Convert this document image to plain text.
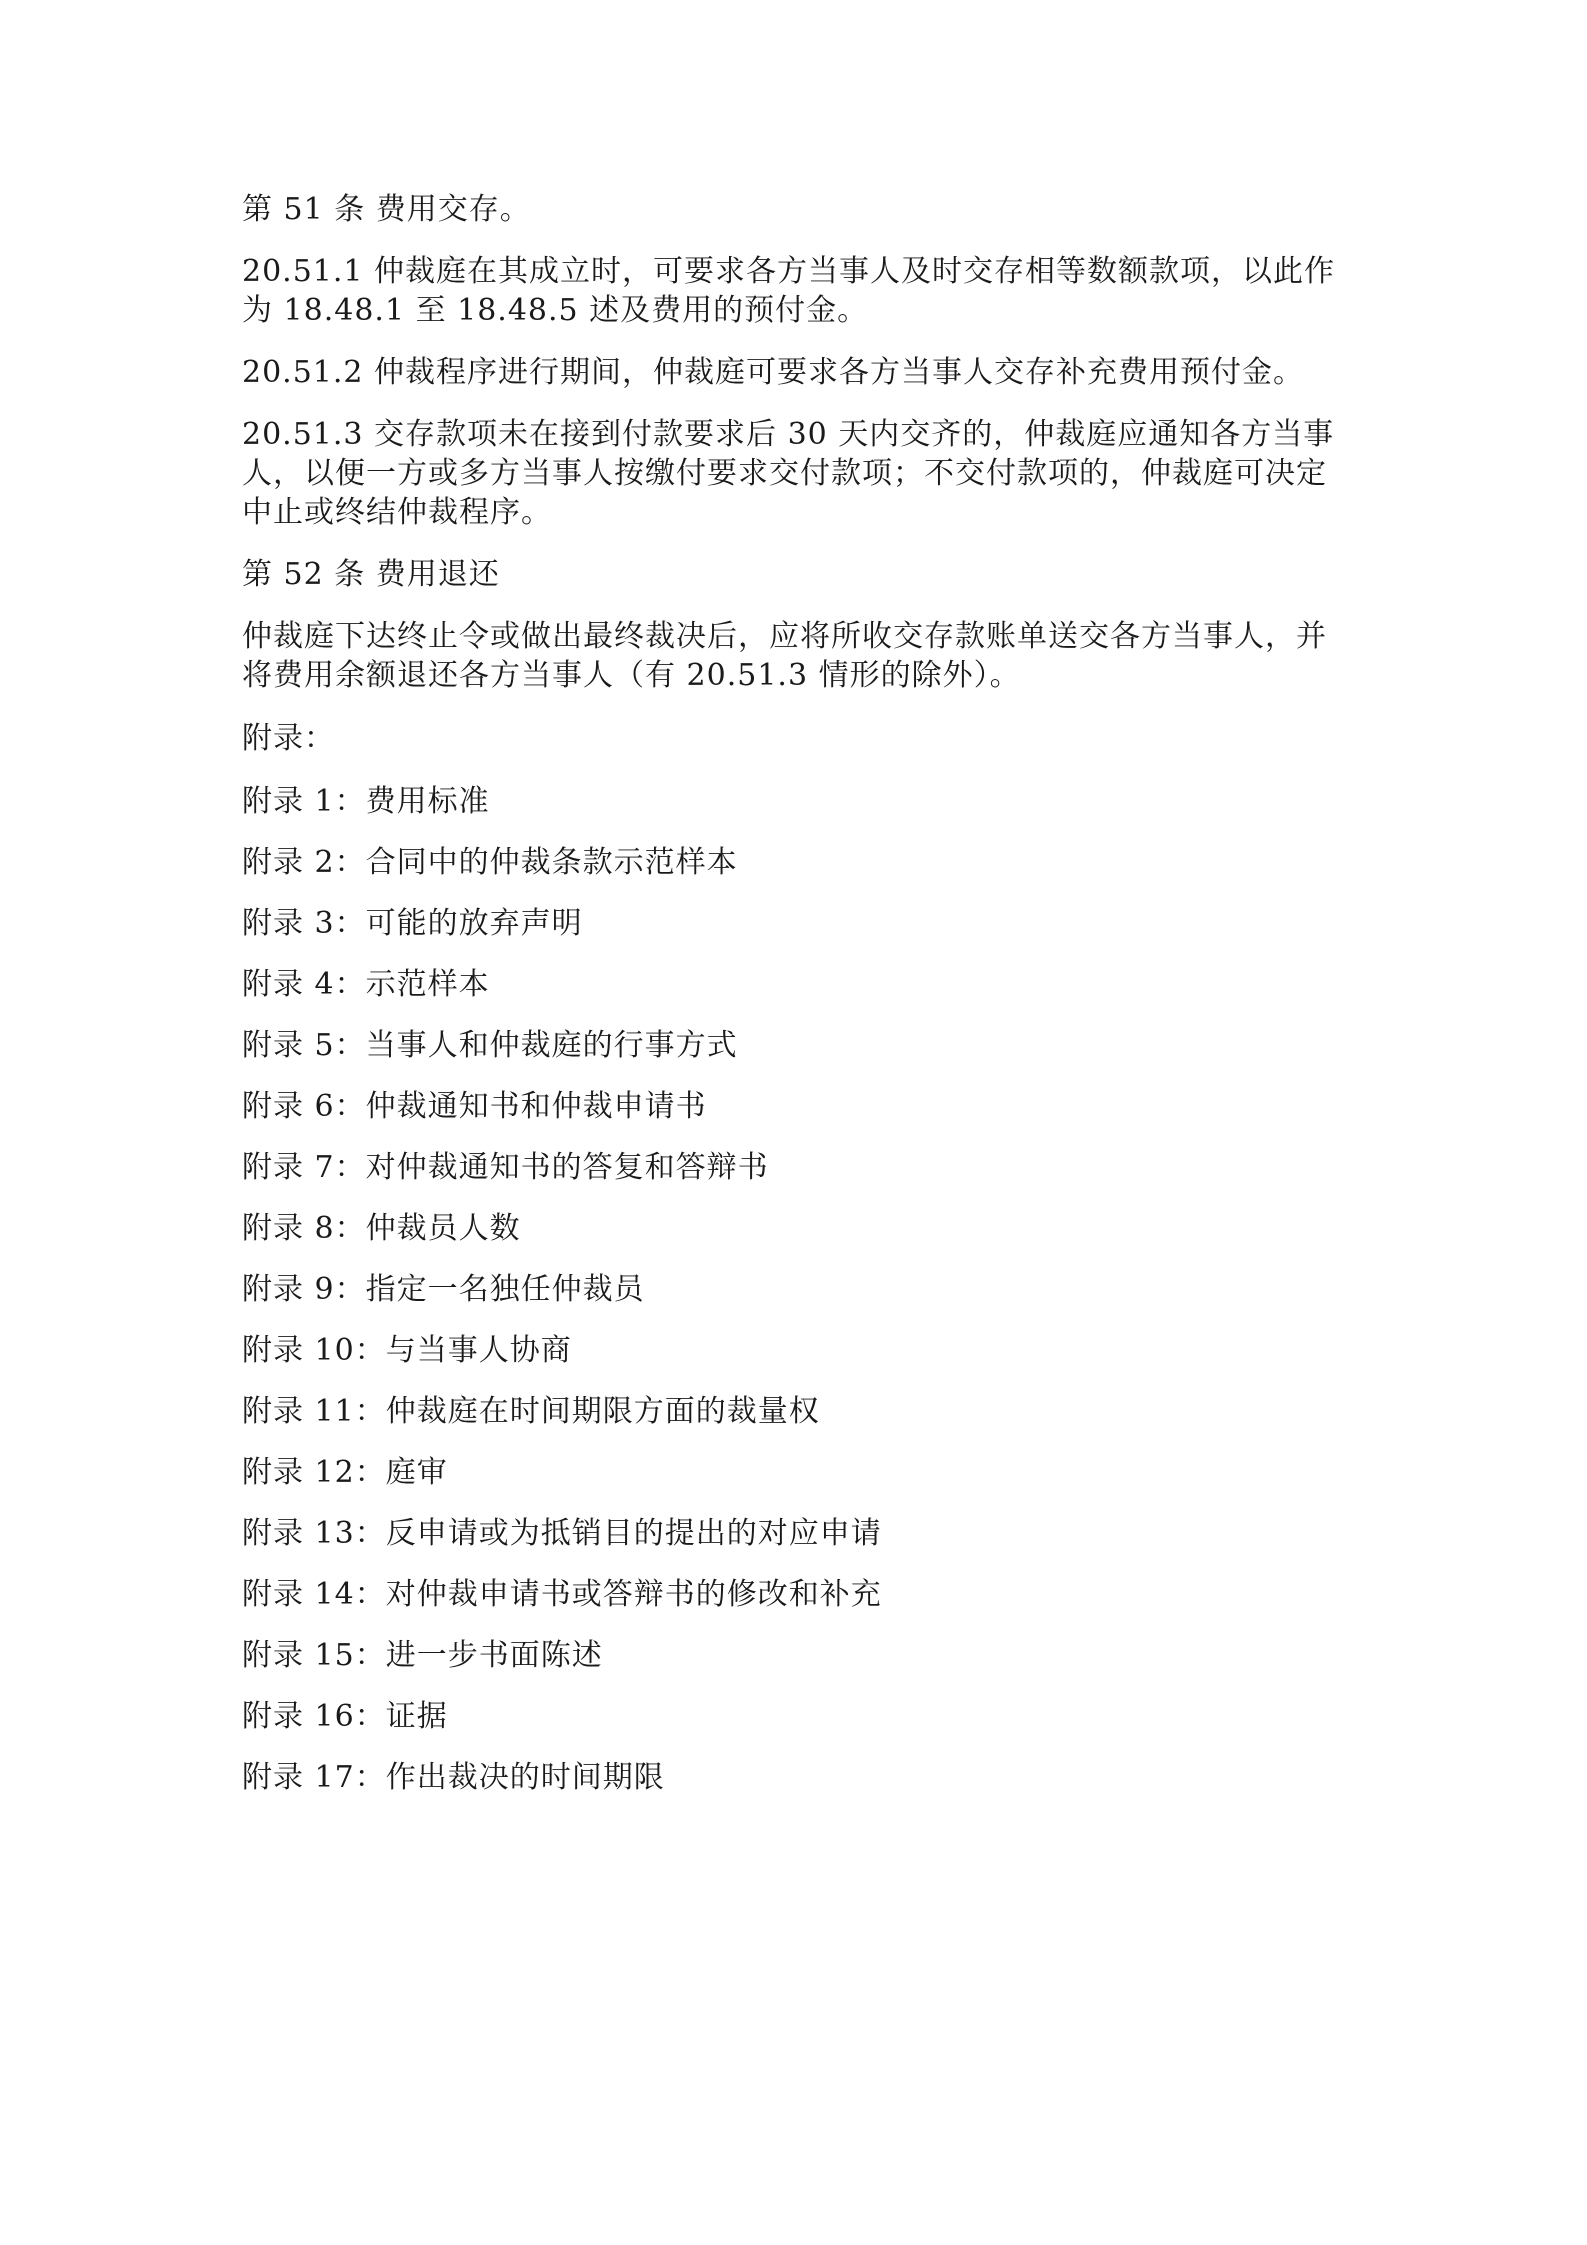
第 51 条 费用交存。

20.51.1 仲裁庭在其成立时，可要求各方当事人及时交存相等数额款项，以此作为 18.48.1 至 18.48.5 述及费用的预付金。

20.51.2 仲裁程序进行期间，仲裁庭可要求各方当事人交存补充费用预付金。

20.51.3 交存款项未在接到付款要求后 30 天内交齐的，仲裁庭应通知各方当事人，以便一方或多方当事人按缴付要求交付款项；不交付款项的，仲裁庭可决定中止或终结仲裁程序。

第 52 条 费用退还

仲裁庭下达终止令或做出最终裁决后，应将所收交存款账单送交各方当事人，并将费用余额退还各方当事人（有 20.51.3 情形的除外）。

附录：

附录 1：费用标准

附录 2：合同中的仲裁条款示范样本

附录 3：可能的放弃声明

附录 4：示范样本

附录 5：当事人和仲裁庭的行事方式

附录 6：仲裁通知书和仲裁申请书

附录 7：对仲裁通知书的答复和答辩书

附录 8：仲裁员人数

附录 9：指定一名独任仲裁员

附录 10：与当事人协商

附录 11：仲裁庭在时间期限方面的裁量权

附录 12：庭审

附录 13：反申请或为抵销目的提出的对应申请

附录 14：对仲裁申请书或答辩书的修改和补充

附录 15：进一步书面陈述

附录 16：证据

附录 17：作出裁决的时间期限
